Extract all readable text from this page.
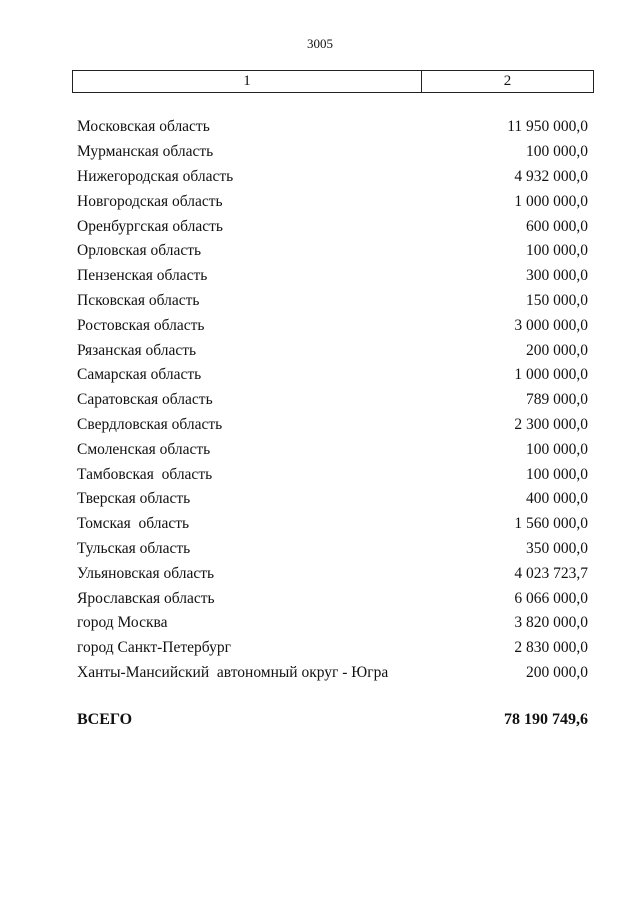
3005
1	2
Московская область	11 950 000,0
Мурманская область	100 000,0
Нижегородская область	4 932 000,0
Новгородская область	1 000 000,0
Оренбургская область	600 000,0
Орловская область	100 000,0
Пензенская область	300 000,0
Псковская область	150 000,0
Ростовская область	3 000 000,0
Рязанская область	200 000,0
Самарская область	1 000 000,0
Саратовская область	789 000,0
Свердловская область	2 300 000,0
Смоленская область	100 000,0
Тамбовская  область	100 000,0
Тверская область	400 000,0
Томская  область	1 560 000,0
Тульская область	350 000,0
Ульяновская область	4 023 723,7
Ярославская область	6 066 000,0
город Москва	3 820 000,0
город Санкт-Петербург	2 830 000,0
Ханты-Мансийский  автономный округ - Югра	200 000,0
ВСЕГО	78 190 749,6
